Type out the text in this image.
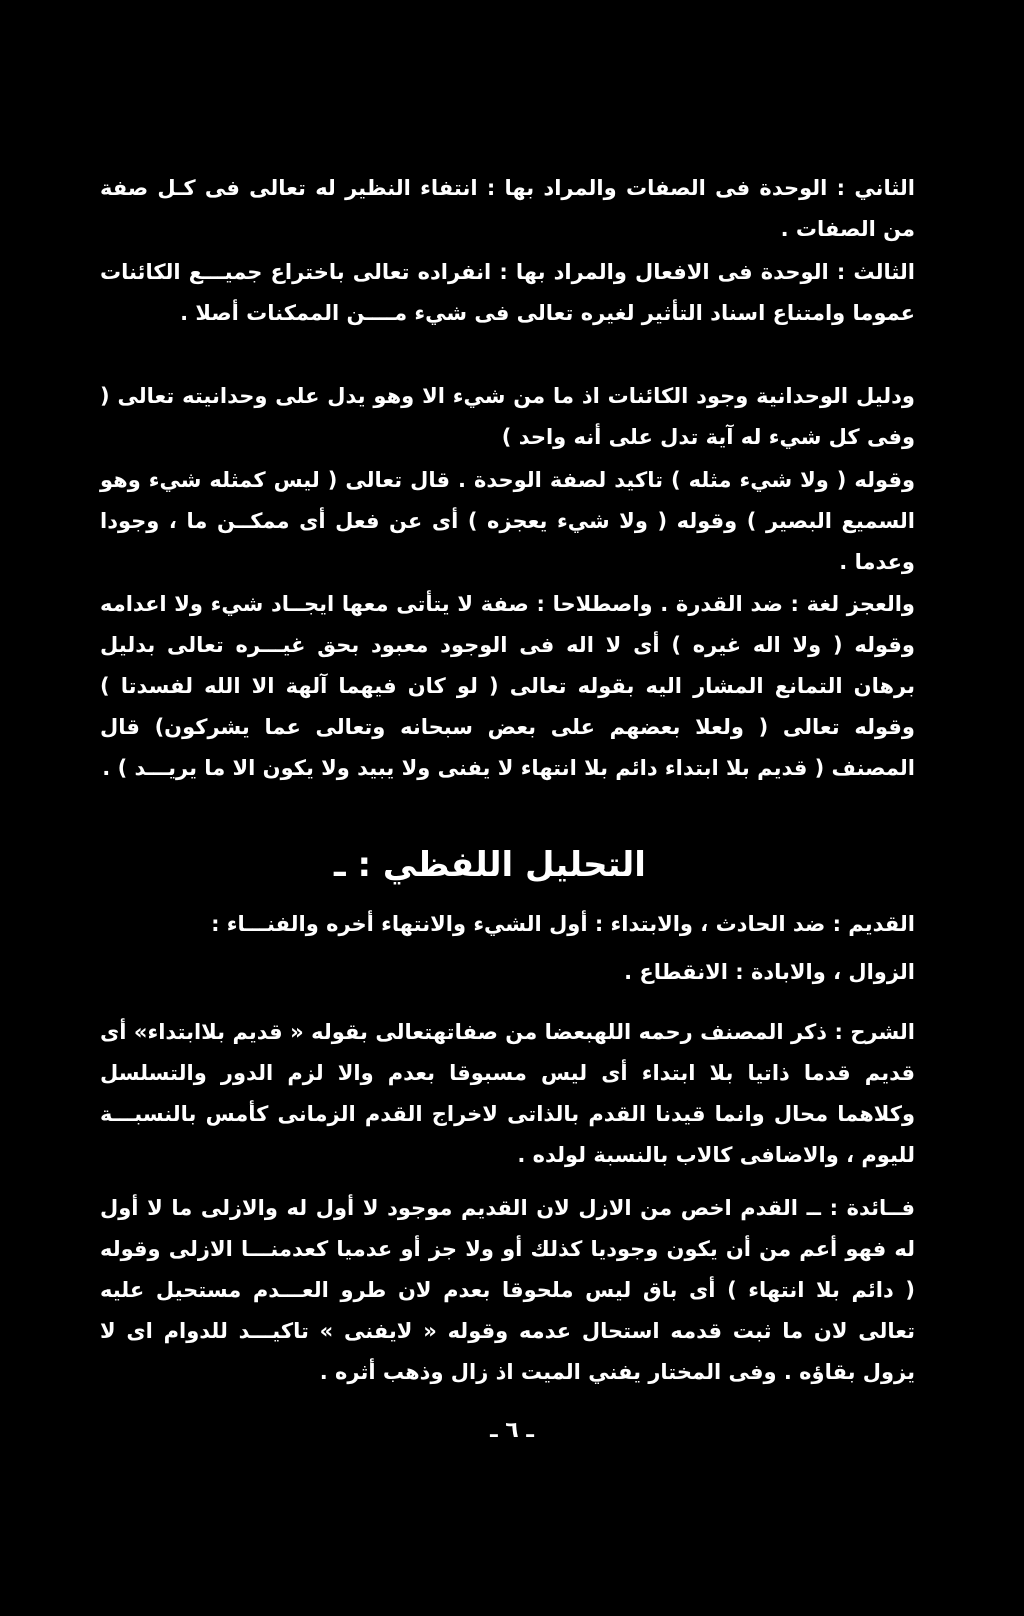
الثاني : الوحدة فى الصفات والمراد بها : انتفاء النظير له تعالى فى كـل صفة من الصفات .

الثالث : الوحدة فى الافعال والمراد بها : انفراده تعالى باختراع جميـــع الكائنات عموما وامتناع اسناد التأثير لغيره تعالى فى شيء مــــن الممكنات أصلا .

ودليل الوحدانية وجود الكائنات اذ ما من شيء الا وهو يدل على وحدانيته تعالى ( وفى كل شيء له آية تدل على أنه واحد )

وقوله ( ولا شيء مثله ) تاكيد لصفة الوحدة . قال تعالى ( ليس كمثله شيء وهو السميع البصير ) وقوله ( ولا شيء يعجزه ) أى عن فعل أى ممكــن ما ، وجودا وعدما .

والعجز لغة : ضد القدرة . واصطلاحا : صفة لا يتأتى معها ايجــاد شيء ولا اعدامه وقوله ( ولا اله غيره ) أى لا اله فى الوجود معبود بحق غيـــره تعالى بدليل برهان التمانع المشار اليه بقوله تعالى ( لو كان فيهما آلهة الا الله لفسدتا ) وقوله تعالى ( ولعلا بعضهم على بعض سبحانه وتعالى عما يشركون) قال المصنف ( قديم بلا ابتداء دائم بلا انتهاء لا يفنى ولا يبيد ولا يكون الا ما يريـــد ) .

التحليل اللفظي : ـ

القديم : ضد الحادث ، والابتداء : أول الشيء والانتهاء أخره والفنـــاء :

الزوال ، والابادة : الانقطاع .

الشرح : ذكر المصنف رحمه اللهبعضا من صفاتهتعالى بقوله « قديم بلاابتداء» أى قديم قدما ذاتيا بلا ابتداء أى ليس مسبوقا بعدم والا لزم الدور والتسلسل وكلاهما محال وانما قيدنا القدم بالذاتى لاخراج القدم الزمانى كأمس بالنسبـــة لليوم ، والاضافى كالاب بالنسبة لولده .

فــائدة : ــ القدم اخص من الازل لان القديم موجود لا أول له والازلى ما لا أول له فهو أعم من أن يكون وجوديا كذلك أو ولا جز أو عدميا كعدمنـــا الازلى وقوله ( دائم بلا انتهاء ) أى باق ليس ملحوقا بعدم لان طرو العـــدم مستحيل عليه تعالى لان ما ثبت قدمه استحال عدمه وقوله « لايفنى » تاكيـــد للدوام اى لا يزول بقاؤه . وفى المختار يفني الميت اذ زال وذهب أثره .

ـ ٦ ـ
